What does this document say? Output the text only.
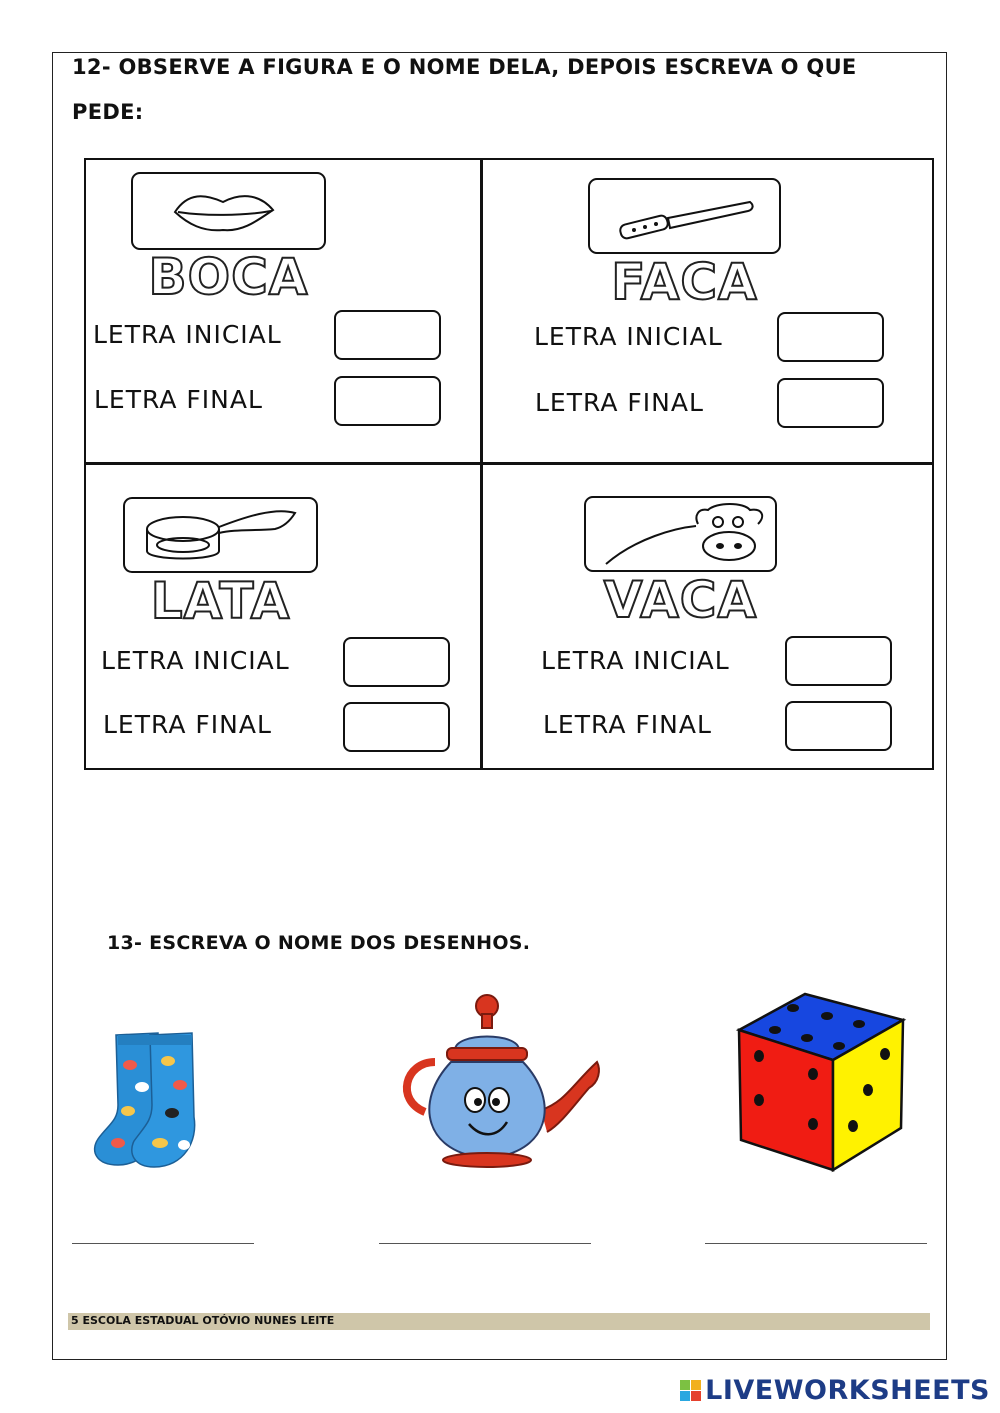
12- OBSERVE A FIGURA E O NOME DELA, DEPOIS ESCREVA O QUE
PEDE:
BOCA
LETRA INICIAL
LETRA FINAL
FACA
LETRA INICIAL
LETRA FINAL
LATA
LETRA INICIAL
LETRA FINAL
VACA
LETRA INICIAL
LETRA FINAL
13- ESCREVA O NOME DOS DESENHOS.
5 ESCOLA ESTADUAL OTÓVIO NUNES LEITE
LIVEWORKSHEETS
